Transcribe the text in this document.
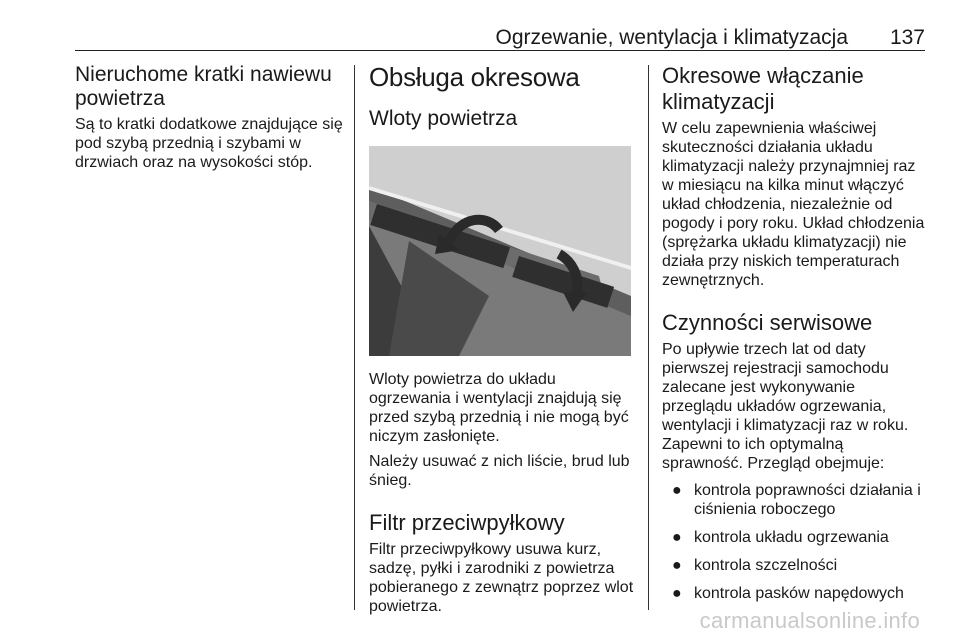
Ogrzewanie, wentylacja i klimatyzacja 137
Nieruchome kratki nawiewu powietrza

Są to kratki dodatkowe znajdujące się pod szybą przednią i szybami w drzwiach oraz na wysokości stóp.

Obsługa okresowa
Wloty powietrza

Wloty powietrza do układu ogrzewania i wentylacji znajdują się przed szybą przednią i nie mogą być niczym zasłonięte.

Należy usuwać z nich liście, brud lub śnieg.

Filtr przeciwpyłkowy

Filtr przeciwpyłkowy usuwa kurz, sadzę, pyłki i zarodniki z powietrza pobieranego z zewnątrz poprzez wlot powietrza.

Okresowe włączanie klimatyzacji

W celu zapewnienia właściwej skuteczności działania układu klimatyzacji należy przynajmniej raz w miesiącu na kilka minut włączyć układ chłodzenia, niezależnie od pogody i pory roku. Układ chłodzenia (sprężarka układu klimatyzacji) nie działa przy niskich temperaturach zewnętrznych.

Czynności serwisowe

Po upływie trzech lat od daty pierwszej rejestracji samochodu zalecane jest wykonywanie przeglądu układów ogrzewania, wentylacji i klimatyzacji raz w roku. Zapewni to ich optymalną sprawność. Przegląd obejmuje:

● kontrola poprawności działania i ciśnienia roboczego
● kontrola układu ogrzewania
● kontrola szczelności
● kontrola pasków napędowych
carmanualsonline.info
